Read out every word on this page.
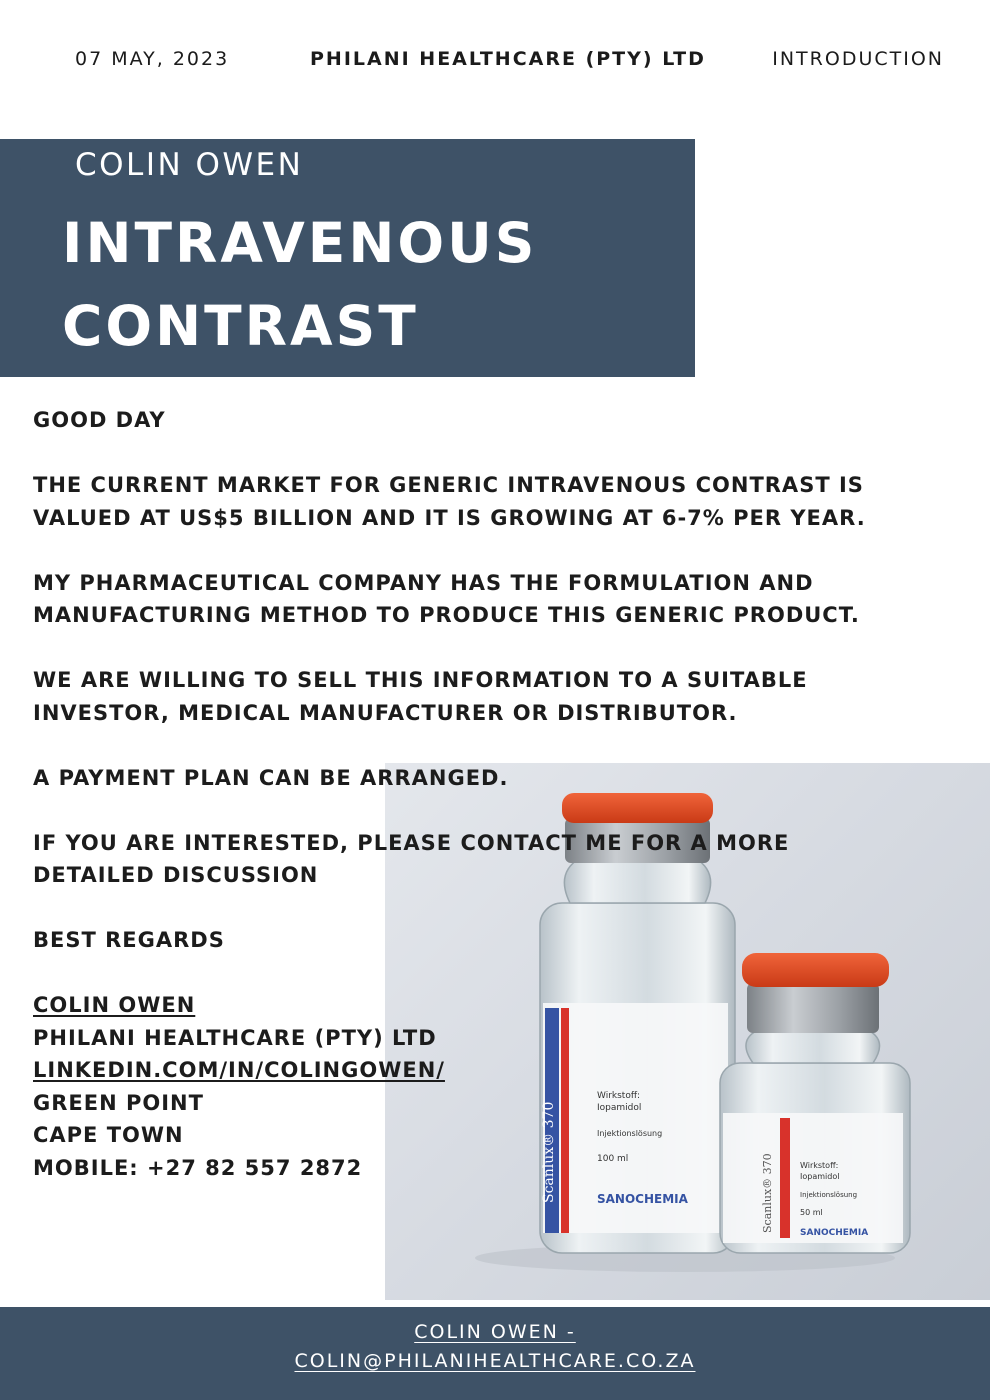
07 MAY, 2023	PHILANI HEALTHCARE (PTY) LTD	INTRODUCTION
COLIN OWEN
INTRAVENOUS CONTRAST
Scanlux® 370
Wirkstoff:
Iopamidol
Injektionslösung
100 ml
SANOCHEMIA	Scanlux® 370	Wirkstoff:
Iopamidol
Injektionslösung
50 ml
SANOCHEMIA

GOOD DAY

THE CURRENT MARKET FOR GENERIC INTRAVENOUS CONTRAST IS VALUED AT US$5 BILLION AND IT IS GROWING AT 6-7% PER YEAR.

MY PHARMACEUTICAL COMPANY HAS THE FORMULATION AND MANUFACTURING METHOD TO PRODUCE THIS GENERIC PRODUCT.

WE ARE WILLING TO SELL THIS INFORMATION TO A SUITABLE INVESTOR, MEDICAL MANUFACTURER OR DISTRIBUTOR.

A PAYMENT PLAN CAN BE ARRANGED.

IF YOU ARE INTERESTED, PLEASE CONTACT ME FOR A MORE DETAILED DISCUSSION

BEST REGARDS

COLIN OWEN
PHILANI HEALTHCARE (PTY) LTD
LINKEDIN.COM/IN/COLINGOWEN/
GREEN POINT
CAPE TOWN
MOBILE: +27 82 557 2872
COLIN OWEN -
COLIN@PHILANIHEALTHCARE.CO.ZA
